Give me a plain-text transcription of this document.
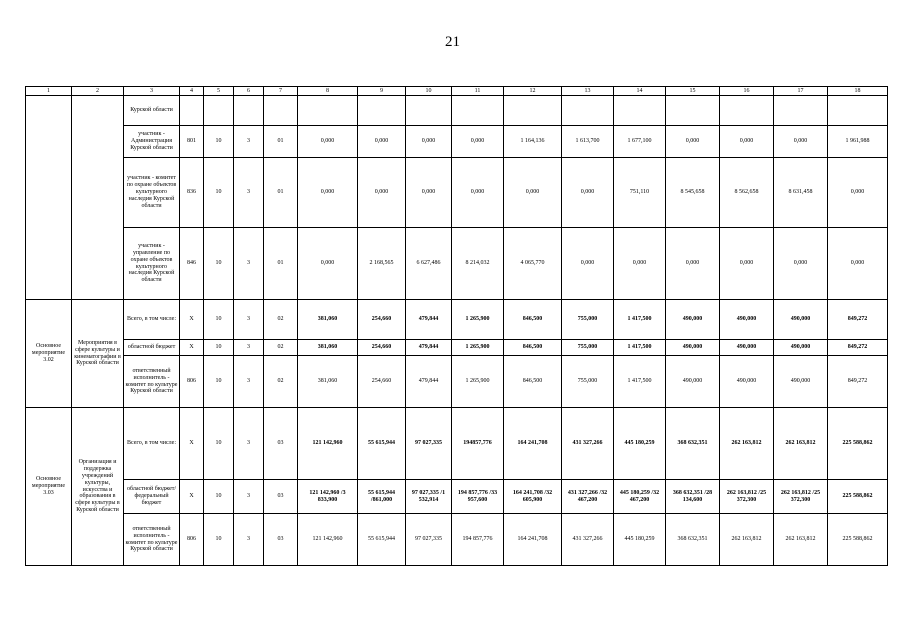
21
1	2	3	4	5	6	7	8	9	10	11	12	13	14	15	16	17	18
		Курской области															
		участник - Администрация Курской области	801	10	3	01	0,000	0,000	0,000	0,000	1 164,136	1 613,700	1 677,100	0,000	0,000	0,000	1 961,988
		участник - комитет по охране объектов культурного наследия Курской области	836	10	3	01	0,000	0,000	0,000	0,000	0,000	0,000	751,110	8 545,658	8 562,658	8 631,458	0,000
		участник - управление по охране объектов культурного наследия Курской области	846	10	3	01	0,000	2 168,565	6 627,486	8 214,032	4 065,770	0,000	0,000	0,000	0,000	0,000	0,000
Основное мероприятие 3.02	Мероприятия в сфере культуры и кинематографии в Курской области	Всего, в том числе:	X	10	3	02	381,060	254,660	479,844	1 265,900	846,500	755,000	1 417,500	490,000	490,000	490,000	849,272
		областной бюджет	X	10	3	02	381,060	254,660	479,844	1 265,900	846,500	755,000	1 417,500	490,000	490,000	490,000	849,272
		ответственный исполнитель - комитет по культуре Курской области	806	10	3	02	381,060	254,660	479,844	1 265,900	846,500	755,000	1 417,500	490,000	490,000	490,000	849,272
Основное мероприятие 3.03	Организация и поддержка учреждений культуры, искусства и образования в сфере культуры в Курской области	Всего, в том числе:	X	10	3	03	121 142,960	55 615,944	97 027,335	194857,776	164 241,708	431 327,266	445 180,259	368 632,351	262 163,812	262 163,812	225 588,862
		областной бюджет/ федеральный бюджет	X	10	3	03	121 142,960 /3 833,900	55 615,944 /861,000	97 027,335 /1 532,914	194 857,776 /33 957,600	164 241,708 /32 605,900	431 327,266 /32 467,200	445 180,259 /32 467,200	368 632,351 /28 134,600	262 163,812 /25 372,300	262 163,812 /25 372,300	225 588,862
		ответственный исполнитель - комитет по культуре Курской области	806	10	3	03	121 142,960	55 615,944	97 027,335	194 857,776	164 241,708	431 327,266	445 180,259	368 632,351	262 163,812	262 163,812	225 588,862
